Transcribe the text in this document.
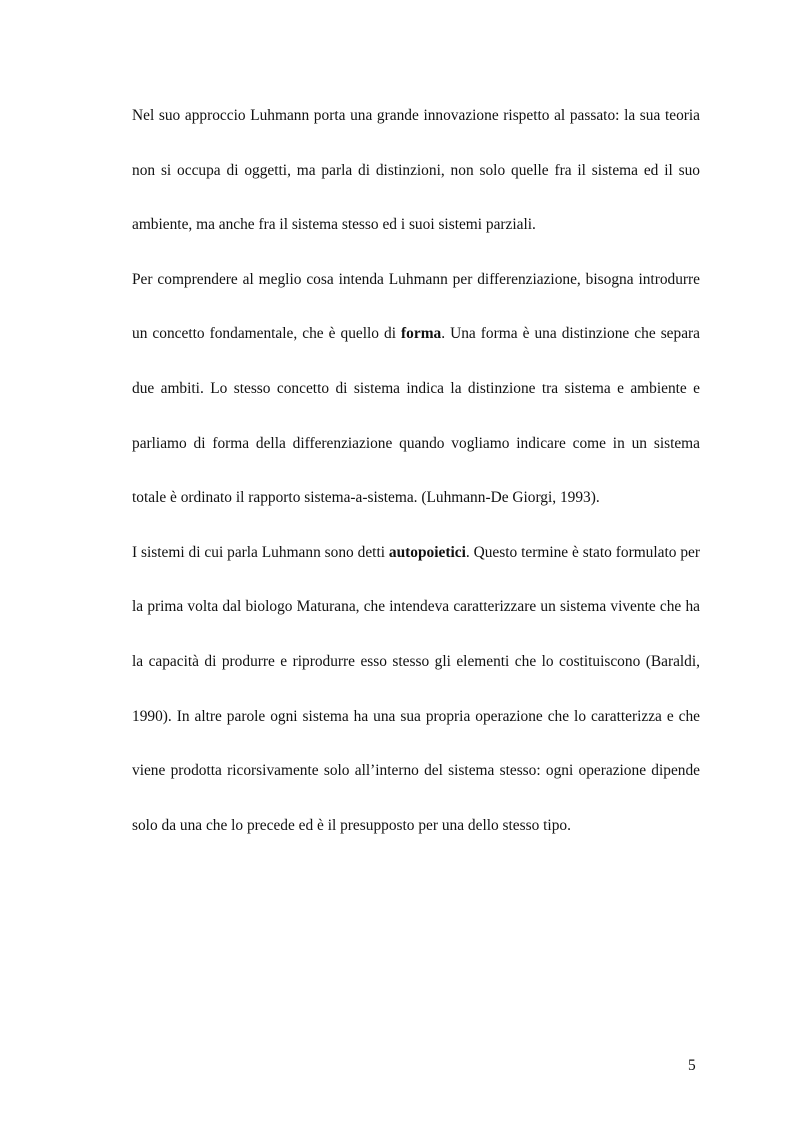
Nel suo approccio Luhmann porta una grande innovazione rispetto al passato: la sua teoria non si occupa di oggetti, ma parla di distinzioni, non solo quelle fra il sistema ed il suo ambiente, ma anche fra il sistema stesso ed i suoi sistemi parziali.

Per comprendere al meglio cosa intenda Luhmann per differenziazione, bisogna introdurre un concetto fondamentale, che è quello di forma. Una forma è una distinzione che separa due ambiti. Lo stesso concetto di sistema indica la distinzione tra sistema e ambiente e parliamo di forma della differenziazione quando vogliamo indicare come in un sistema totale è ordinato il rapporto sistema-a-sistema. (Luhmann-De Giorgi, 1993).

I sistemi di cui parla Luhmann sono detti autopoietici. Questo termine è stato formulato per la prima volta dal biologo Maturana, che intendeva caratterizzare un sistema vivente che ha la capacità di produrre e riprodurre esso stesso gli elementi che lo costituiscono (Baraldi, 1990). In altre parole ogni sistema ha una sua propria operazione che lo caratterizza e che viene prodotta ricorsivamente solo all’interno del sistema stesso: ogni operazione dipende solo da una che lo precede ed è il presupposto per una dello stesso tipo.

5
